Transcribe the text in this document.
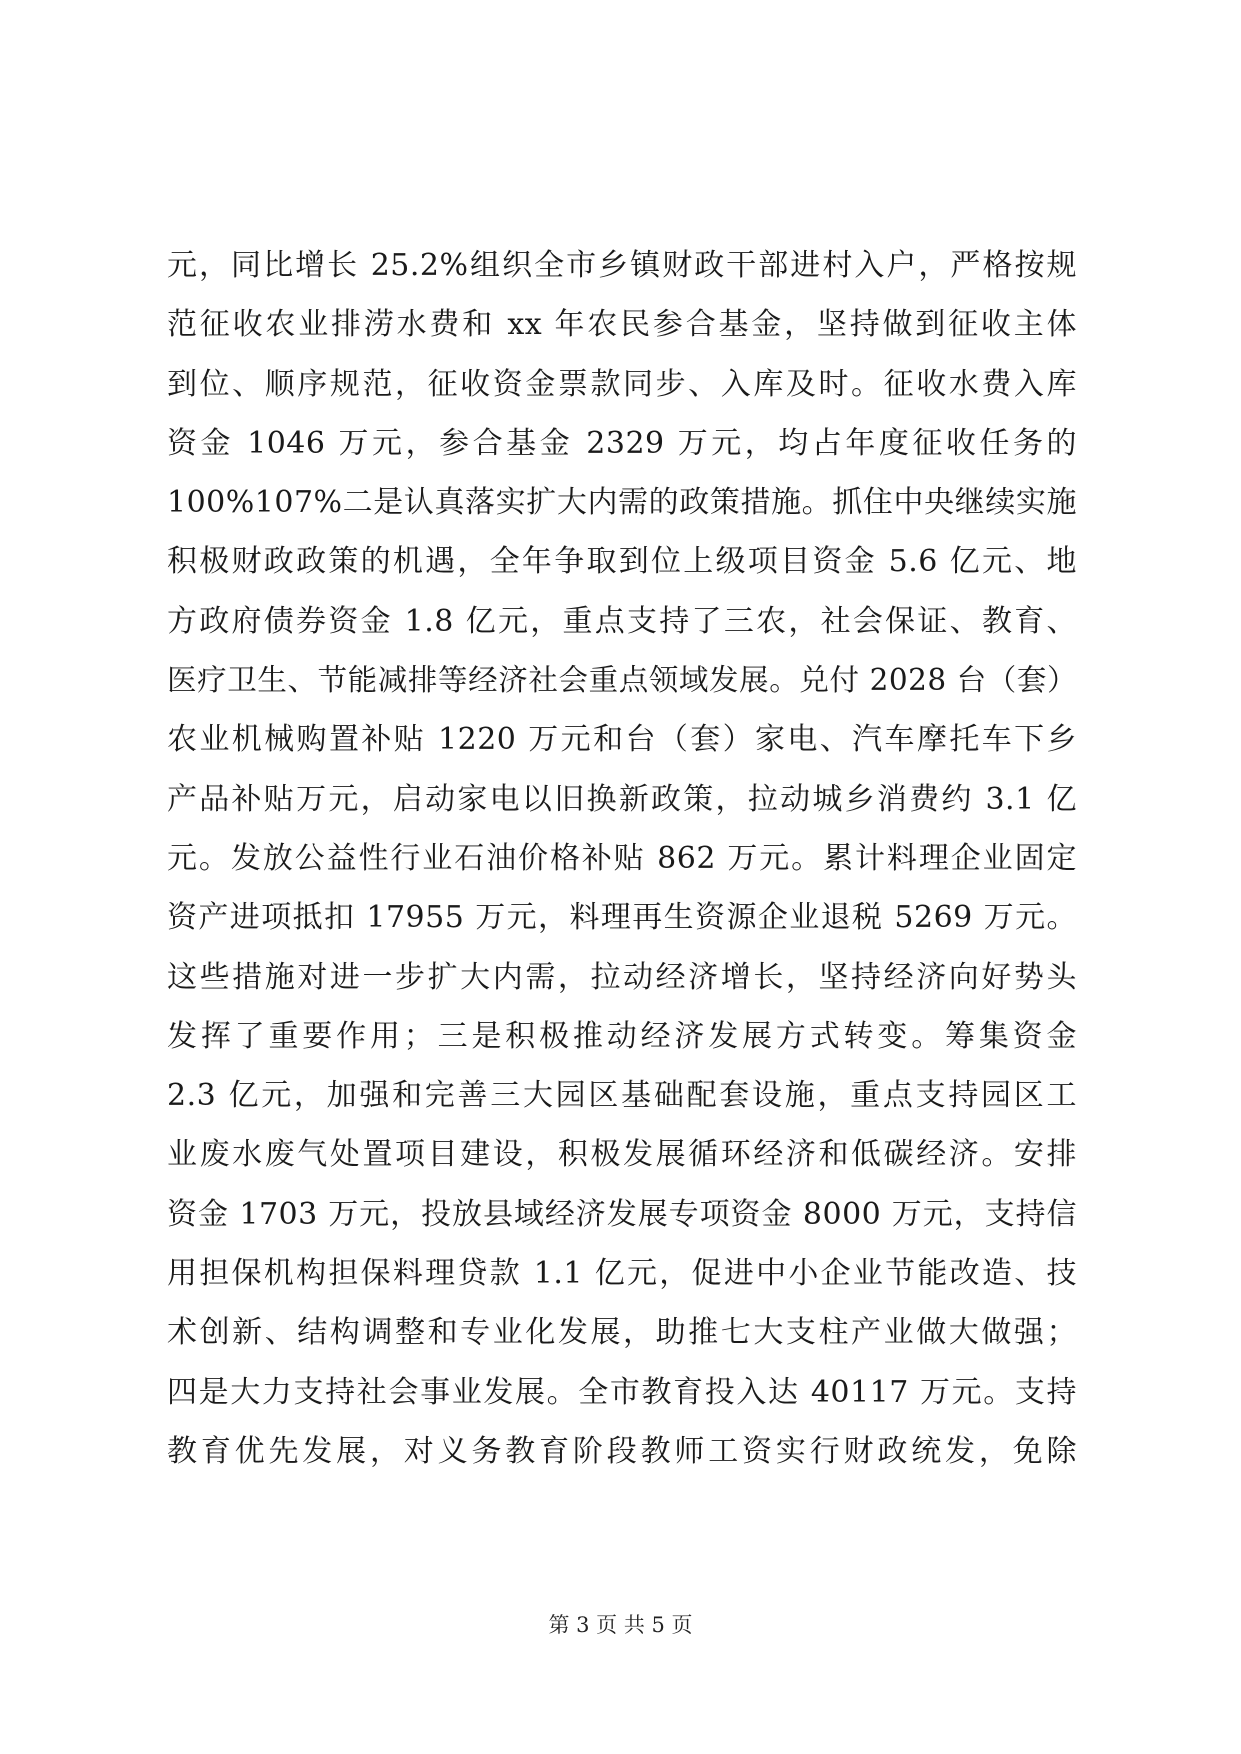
元，同比增长 25.2%组织全市乡镇财政干部进村入户，严格按规
范征收农业排涝水费和 xx 年农民参合基金，坚持做到征收主体
到位、顺序规范，征收资金票款同步、入库及时。征收水费入库
资金 1046 万元，参合基金 2329 万元，均占年度征收任务的
100%107%二是认真落实扩大内需的政策措施。抓住中央继续实施
积极财政政策的机遇，全年争取到位上级项目资金 5.6 亿元、地
方政府债券资金 1.8 亿元，重点支持了三农，社会保证、教育、
医疗卫生、节能减排等经济社会重点领域发展。兑付 2028 台（套）
农业机械购置补贴 1220 万元和台（套）家电、汽车摩托车下乡
产品补贴万元，启动家电以旧换新政策，拉动城乡消费约 3.1 亿
元。发放公益性行业石油价格补贴 862 万元。累计料理企业固定
资产进项抵扣 17955 万元，料理再生资源企业退税 5269 万元。
这些措施对进一步扩大内需，拉动经济增长，坚持经济向好势头
发挥了重要作用；三是积极推动经济发展方式转变。筹集资金
2.3 亿元，加强和完善三大园区基础配套设施，重点支持园区工
业废水废气处置项目建设，积极发展循环经济和低碳经济。安排
资金 1703 万元，投放县域经济发展专项资金 8000 万元，支持信
用担保机构担保料理贷款 1.1 亿元，促进中小企业节能改造、技
术创新、结构调整和专业化发展，助推七大支柱产业做大做强；
四是大力支持社会事业发展。全市教育投入达 40117 万元。支持
教育优先发展，对义务教育阶段教师工资实行财政统发，免除
第 3 页 共 5 页
